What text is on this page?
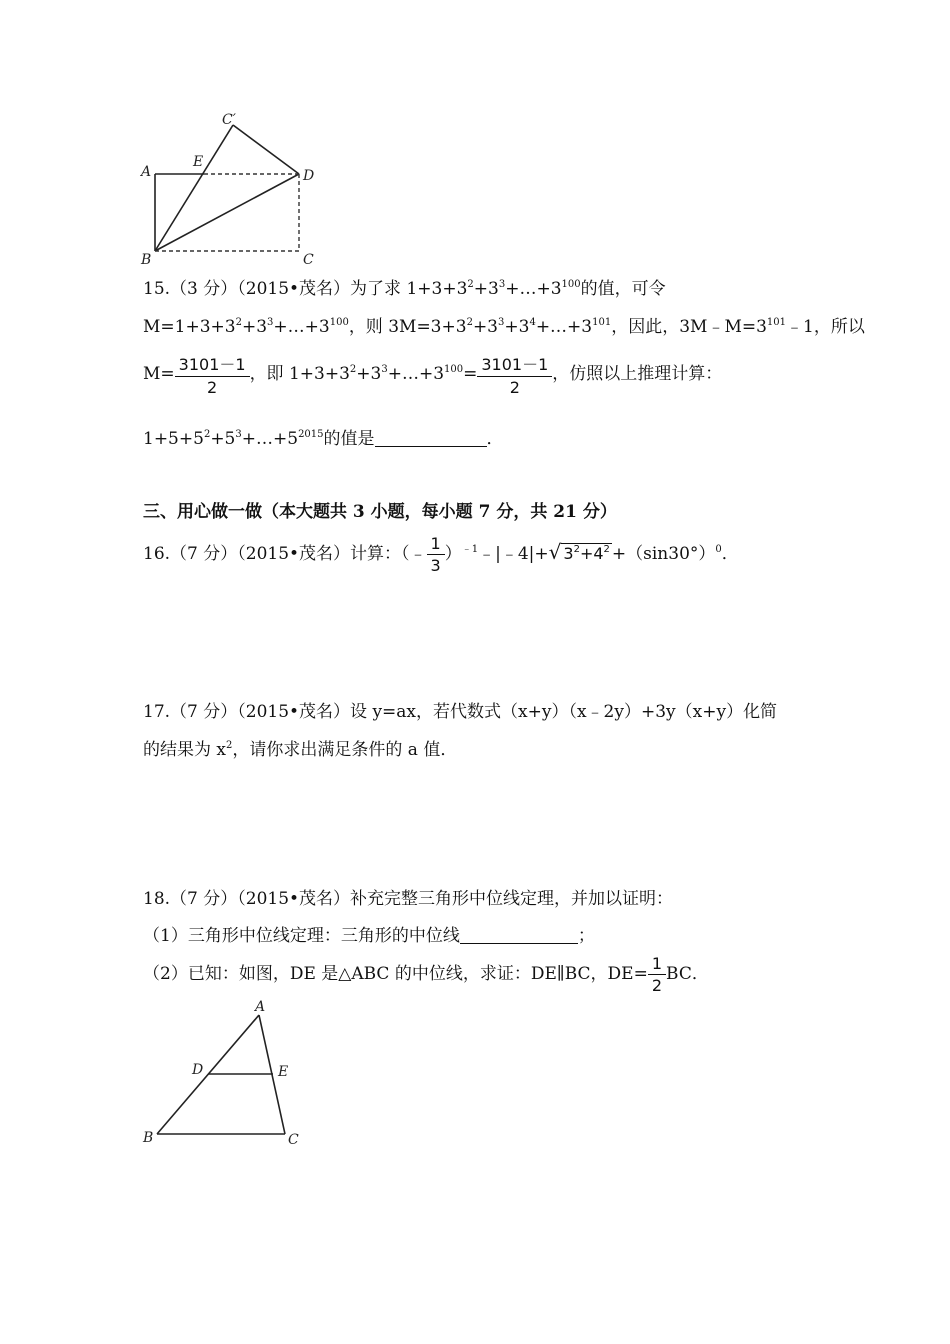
A
E
C′
D
B	C
15.（3 分）（2015•茂名）为了求 $1+3+3^2+3^3+\dots+3^{100}$的值，可令
$M=1+3+3^2+3^3+\dots+3^{100}$，则 $3M=3+3^2+3^3+3^4+\dots+3^{101}$，因此，$3M﹣M=3^{101}﹣1$，所以
$M= \frac{3101-1}{2}$ ，即 $1+3+3^2+3^3+\dots+3^{100}= \frac{3101-1}{2}$ ，仿照以上推理计算：
$1+5+5^2+5^3+\dots+5^{2015}$的值是	．
三、用心做一做（本大题共 3 小题，每小题 7 分，共 21 分）
16.（7 分）（2015•茂名）计算：（﹣ $\frac{1}{3}$ ）$^{﹣1}$﹣|﹣4|+√ $3^2+4^2 +(\sin 30^\circ)^0$．
17.（7 分）（2015•茂名）设 y=ax，若代数式（x+y）（x﹣2y）+3y（x+y）化简
的结果为 $x^2$，请你求出满足条件的 a 值．
18.（7 分）（2015•茂名）补充完整三角形中位线定理，并加以证明：
（1）三角形中位线定理：三角形的中位线	；
（2）已知：如图，DE 是△ABC 的中位线，求证：DE∥BC，$DE= \frac{1}{2}$ BC．
A
D	E
B	C
